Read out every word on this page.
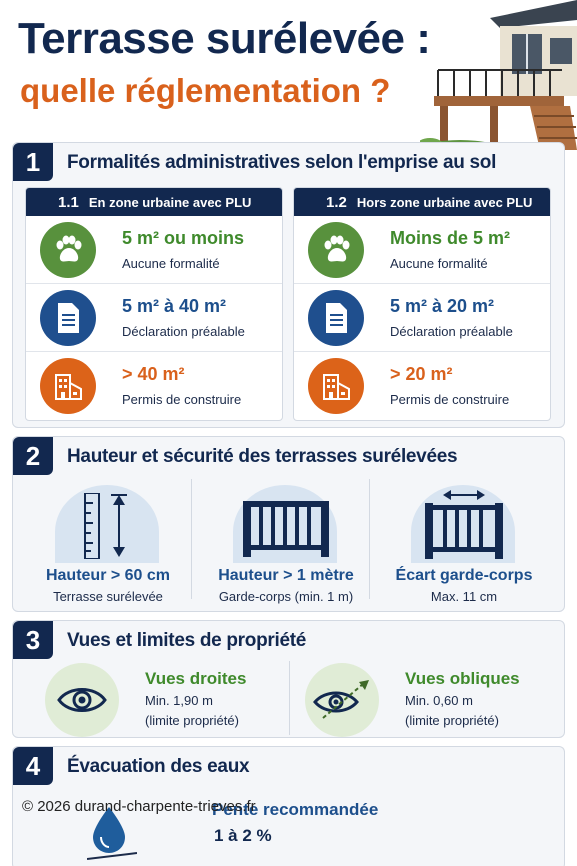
Terrasse surélevée :
quelle réglementation ?
1	Formalités administratives selon l'emprise au sol
1.1 En zone urbaine avec PLU
5 m² ou moins
Aucune formalité
5 m² à 40 m²
Déclaration préalable
> 40 m²
Permis de construire
1.2 Hors zone urbaine avec PLU
Moins de 5 m²
Aucune formalité
5 m² à 20 m²
Déclaration préalable
> 20 m²
Permis de construire
2	Hauteur et sécurité des terrasses surélevées
Hauteur > 60 cm
Terrasse surélevée
Hauteur > 1 mètre
Garde-corps (min. 1 m)
Écart garde-corps
Max. 11 cm
3	Vues et limites de propriété
Vues droites
Min. 1,90 m
(limite propriété)
Vues obliques
Min. 0,60 m
(limite propriété)
4	Évacuation des eaux
Pente recommandée
1 à 2 %
© 2026 durand-charpente-trieves.fr
